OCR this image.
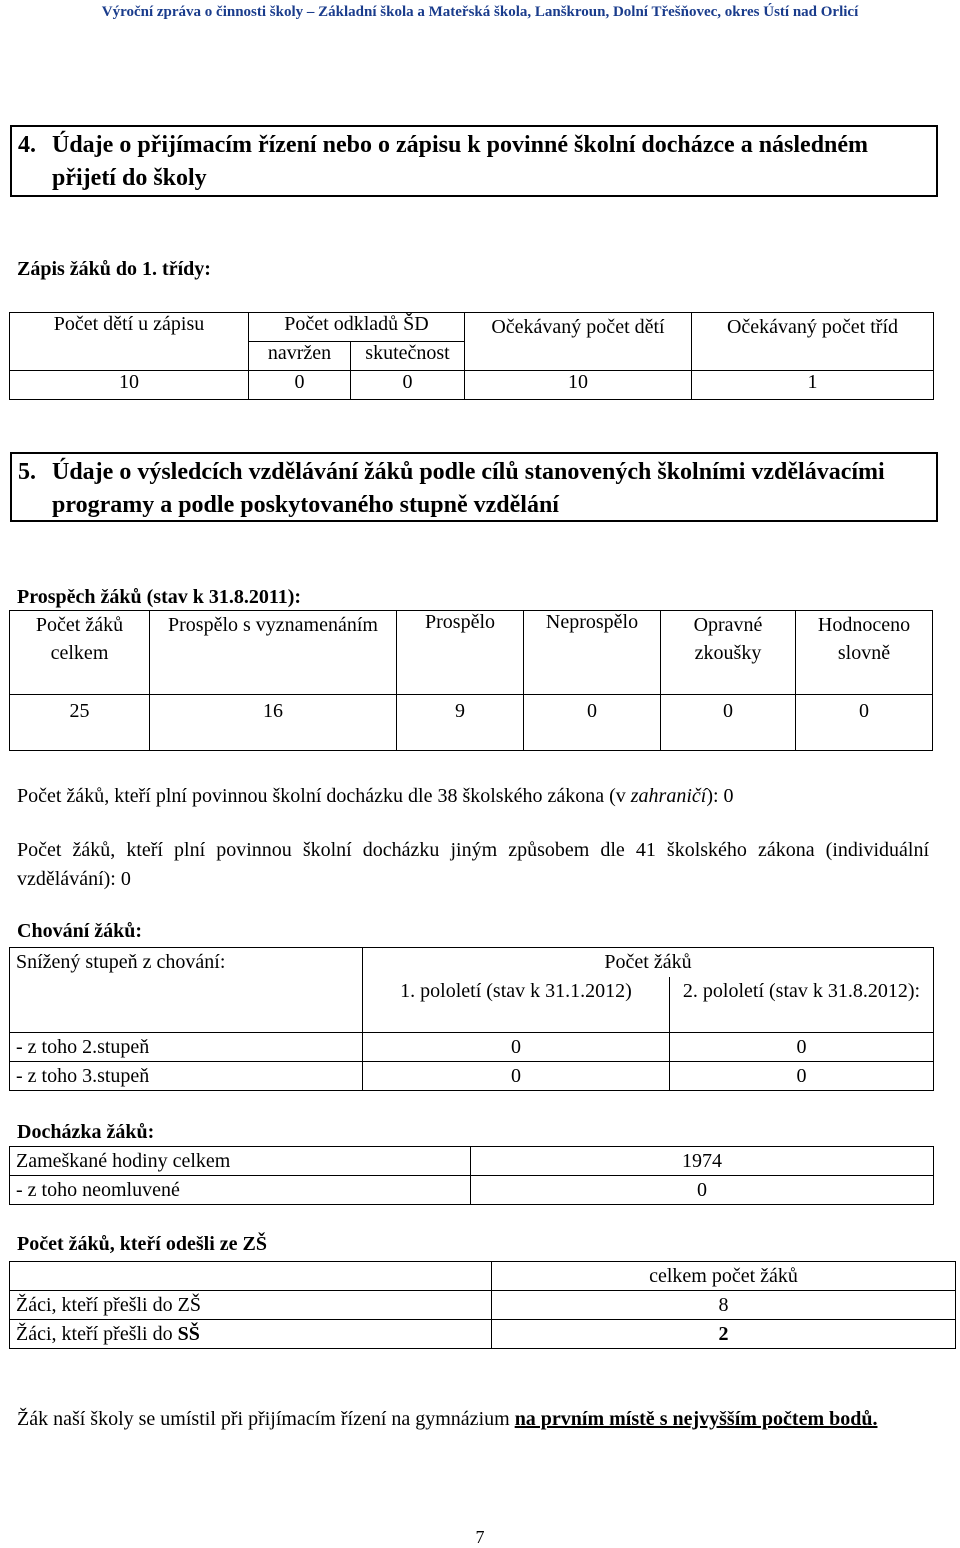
Výroční zpráva o činnosti školy – Základní škola a Mateřská škola, Lanškroun, Dolní Třešňovec, okres Ústí nad Orlicí
4. Údaje o přijímacím řízení nebo o zápisu k povinné školní docházce a následném přijetí do školy
Zápis žáků do 1. třídy:
Počet dětí u zápisu	Počet odkladů ŠD		Očekávaný počet dětí	Očekávaný počet tříd
	navržen	skutečnost		
10	0	0	10	1
5. Údaje o výsledcích vzdělávání žáků podle cílů stanovených školními vzdělávacími programy a podle poskytovaného stupně vzdělání
Prospěch žáků (stav k 31.8.2011):
Počet žáků celkem	Prospělo s vyznamenáním	Prospělo	Neprospělo	Opravné zkoušky	Hodnoceno slovně
25	16	9	0	0	0
Počet žáků, kteří plní povinnou školní docházku dle 38 školského zákona (v zahraničí): 0
Počet žáků, kteří plní povinnou školní docházku jiným způsobem dle 41 školského zákona (individuální vzdělávání): 0
Chování žáků:
Snížený stupeň z chování:	Počet žáků	
	1. pololetí (stav k 31.1.2012)	2. pololetí (stav k 31.8.2012):
- z toho 2.stupeň	0	0
- z toho 3.stupeň	0	0
Docházka žáků:
Zameškané hodiny celkem	1974
- z toho neomluvené	0
Počet žáků, kteří odešli ze ZŠ
	celkem počet žáků
Žáci, kteří přešli do ZŠ	8
Žáci, kteří přešli do SŠ	2
Žák naší školy se umístil při přijímacím řízení na gymnázium na prvním místě s nejvyšším počtem bodů.
7
